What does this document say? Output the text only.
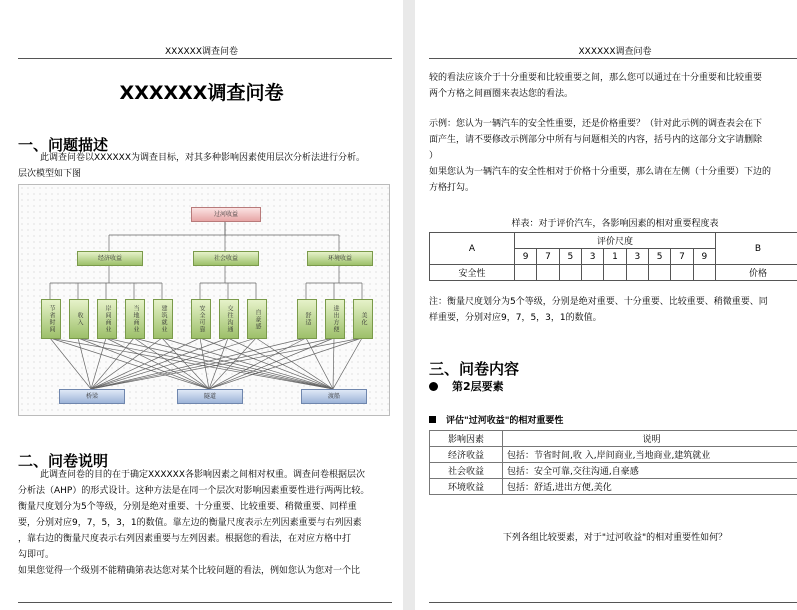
XXXXXX调查问卷
XXXXXX调查问卷
一、问题描述

此调查问卷以XXXXXX为调查目标，对其多种影响因素使用层次分析法进行分析。

层次模型如下图

过河收益
经济收益	社会收益	环境收益
节省时间	收入	岸间商业	当地商业	建筑就业	安全可靠	交往沟通	自豪感	舒适	进出方便	美化
桥梁	隧道	渡船
二、问卷说明

此调查问卷的目的在于确定XXXXXX各影响因素之间相对权重。调查问卷根据层次

分析法（AHP）的形式设计。这种方法是在同一个层次对影响因素重要性进行两两比较。

衡量尺度划分为5个等级，分别是绝对重要、十分重要、比较重要、稍微重要、同样重

要，分别对应9，7，5，3，1的数值。靠左边的衡量尺度表示左列因素重要与右列因素

，靠右边的衡量尺度表示右列因素重要与左列因素。根据您的看法，在对应方格中打

勾即可。

如果您觉得一个级别不能精确第表达您对某个比较问题的看法，例如您认为您对一个比

XXXXXX调查问卷

较的看法应该介于十分重要和比较重要之间，那么您可以通过在十分重要和比较重要

两个方格之间画圈来表达您的看法。

示例：您认为一辆汽车的安全性重要，还是价格重要？（针对此示例的调查表会在下

面产生，请不要修改示例部分中所有与问题相关的内容，括号内的这部分文字请删除

）

如果您认为一辆汽车的安全性相对于价格十分重要，那么请在左侧（十分重要）下边的

方格打勾。

样表：对于评价汽车，各影响因素的相对重要程度表
A	评价尺度									B
	9	7	5	3	1	3	5	7	9	
安全性										价格

注：衡量尺度划分为5个等级，分别是绝对重要、十分重要、比较重要、稍微重要、同

样重要，分别对应9，7，5，3，1的数值。

三、问卷内容
第2层要素
评估"过河收益"的相对重要性
影响因素	说明
经济收益	包括：节省时间,收 入,岸间商业,当地商业,建筑就业
社会收益	包括：安全可靠,交往沟通,自豪感
环境收益	包括：舒适,进出方便,美化
下列各组比较要素，对于"过河收益"的相对重要性如何？
